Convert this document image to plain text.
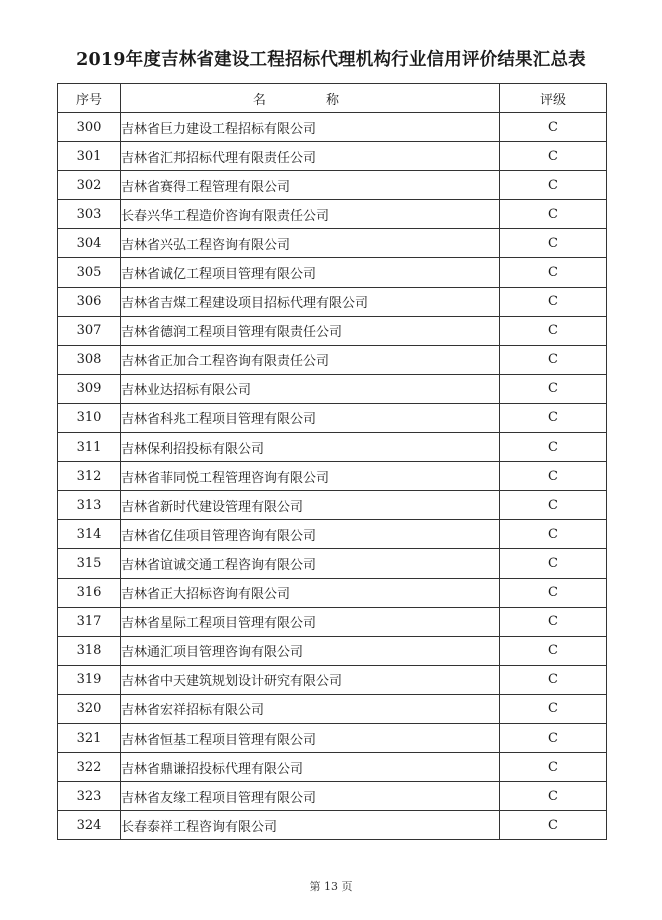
2019年度吉林省建设工程招标代理机构行业信用评价结果汇总表
序号	名 称	评级
300	吉林省巨力建设工程招标有限公司	C
301	吉林省汇邦招标代理有限责任公司	C
302	吉林省赛得工程管理有限公司	C
303	长春兴华工程造价咨询有限责任公司	C
304	吉林省兴弘工程咨询有限公司	C
305	吉林省诚亿工程项目管理有限公司	C
306	吉林省吉煤工程建设项目招标代理有限公司	C
307	吉林省德润工程项目管理有限责任公司	C
308	吉林省正加合工程咨询有限责任公司	C
309	吉林业达招标有限公司	C
310	吉林省科兆工程项目管理有限公司	C
311	吉林保利招投标有限公司	C
312	吉林省菲同悦工程管理咨询有限公司	C
313	吉林省新时代建设管理有限公司	C
314	吉林省亿佳项目管理咨询有限公司	C
315	吉林省谊诚交通工程咨询有限公司	C
316	吉林省正大招标咨询有限公司	C
317	吉林省星际工程项目管理有限公司	C
318	吉林通汇项目管理咨询有限公司	C
319	吉林省中天建筑规划设计研究有限公司	C
320	吉林省宏祥招标有限公司	C
321	吉林省恒基工程项目管理有限公司	C
322	吉林省鼎谦招投标代理有限公司	C
323	吉林省友缘工程项目管理有限公司	C
324	长春泰祥工程咨询有限公司	C
第 13 页
